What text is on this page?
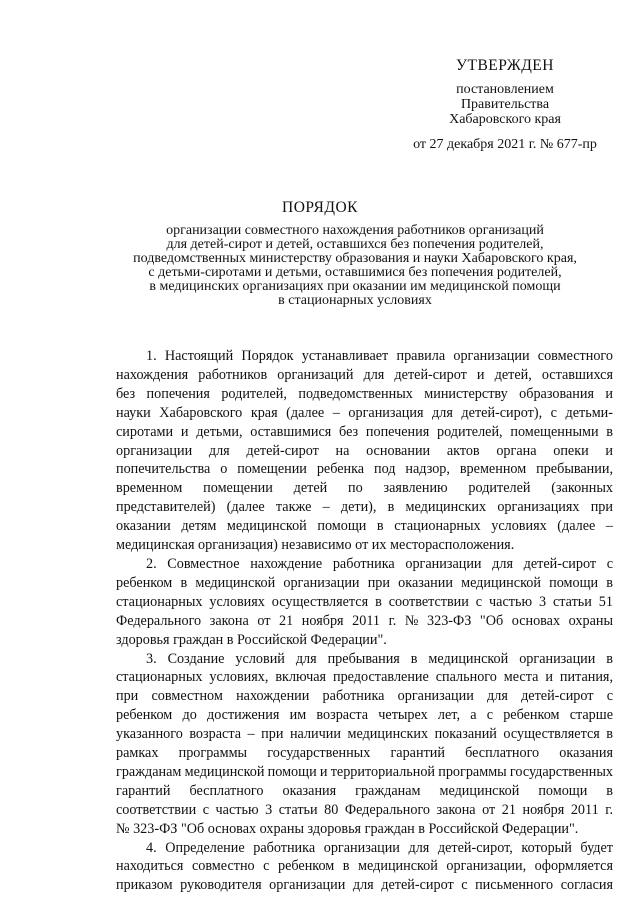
УТВЕРЖДЕН
постановлением
Правительства
Хабаровского края
от 27 декабря 2021 г. № 677-пр
ПОРЯДОК
организации совместного нахождения работников организаций
для детей-сирот и детей, оставшихся без попечения родителей,
подведомственных министерству образования и науки Хабаровского края,
с детьми-сиротами и детьми, оставшимися без попечения родителей,
в медицинских организациях при оказании им медицинской помощи
в стационарных условиях
1. Настоящий Порядок устанавливает правила организации совместного
нахождения работников организаций для детей-сирот и детей, оставшихся
без попечения родителей, подведомственных министерству образования и
науки Хабаровского края (далее – организация для детей-сирот), с детьми-
сиротами и детьми, оставшимися без попечения родителей, помещенными в
организации для детей-сирот на основании актов органа опеки и
попечительства о помещении ребенка под надзор, временном пребывании,
временном помещении детей по заявлению родителей (законных
представителей) (далее также – дети), в медицинских организациях при
оказании детям медицинской помощи в стационарных условиях (далее –
медицинская организация) независимо от их месторасположения.
2. Совместное нахождение работника организации для детей-сирот с
ребенком в медицинской организации при оказании медицинской помощи в
стационарных условиях осуществляется в соответствии с частью 3 статьи 51
Федерального закона от 21 ноября 2011 г. № 323-ФЗ "Об основах охраны
здоровья граждан в Российской Федерации".
3. Создание условий для пребывания в медицинской организации в
стационарных условиях, включая предоставление спального места и питания,
при совместном нахождении работника организации для детей-сирот с
ребенком до достижения им возраста четырех лет, а с ребенком старше
указанного возраста – при наличии медицинских показаний осуществляется в
рамках программы государственных гарантий бесплатного оказания
гражданам медицинской помощи и территориальной программы государственных
гарантий бесплатного оказания гражданам медицинской помощи в
соответствии с частью 3 статьи 80 Федерального закона от 21 ноября 2011 г.
№ 323-ФЗ "Об основах охраны здоровья граждан в Российской Федерации".
4. Определение работника организации для детей-сирот, который будет
находиться совместно с ребенком в медицинской организации, оформляется
приказом руководителя организации для детей-сирот с письменного согласия
